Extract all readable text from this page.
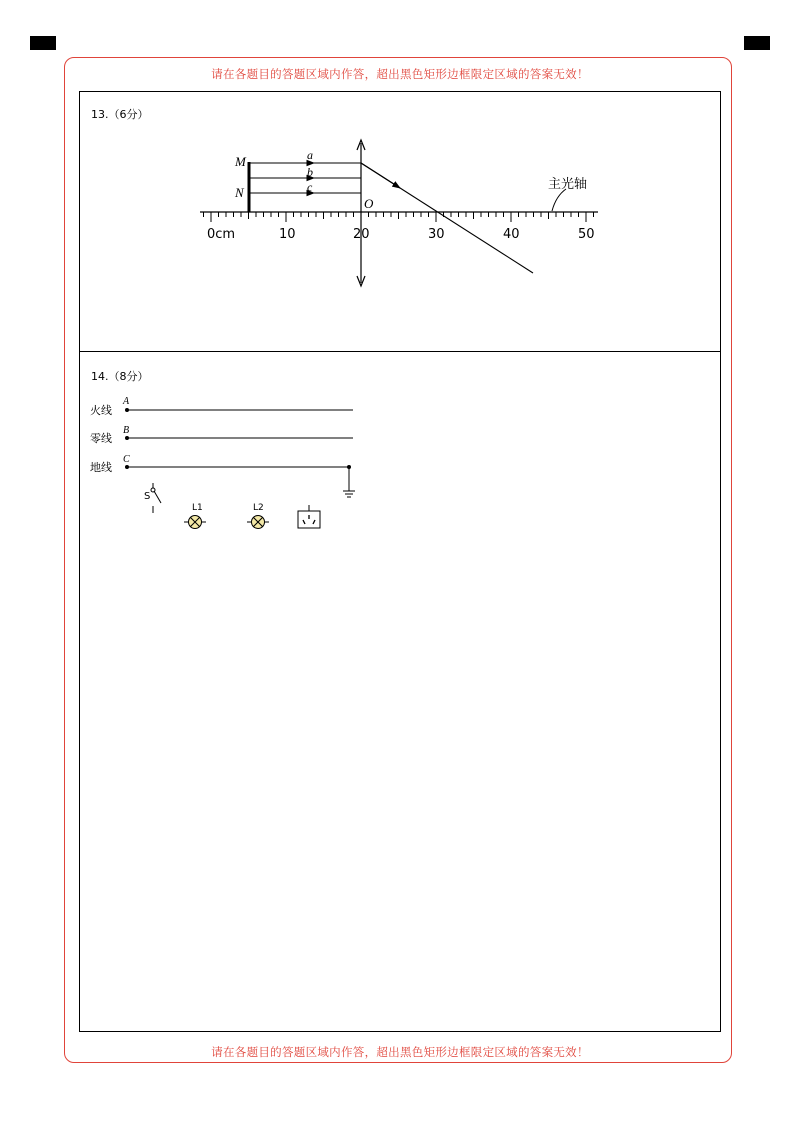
请在各题目的答题区域内作答，超出黑色矩形边框限定区域的答案无效！
请在各题目的答题区域内作答，超出黑色矩形边框限定区域的答案无效！
13.（6分）
14.（8分）
0cm	10	20	30	40	50
M
N
a
b
c
O
主光轴
火线
A
零线
B
地线
C
S
L1	L2
